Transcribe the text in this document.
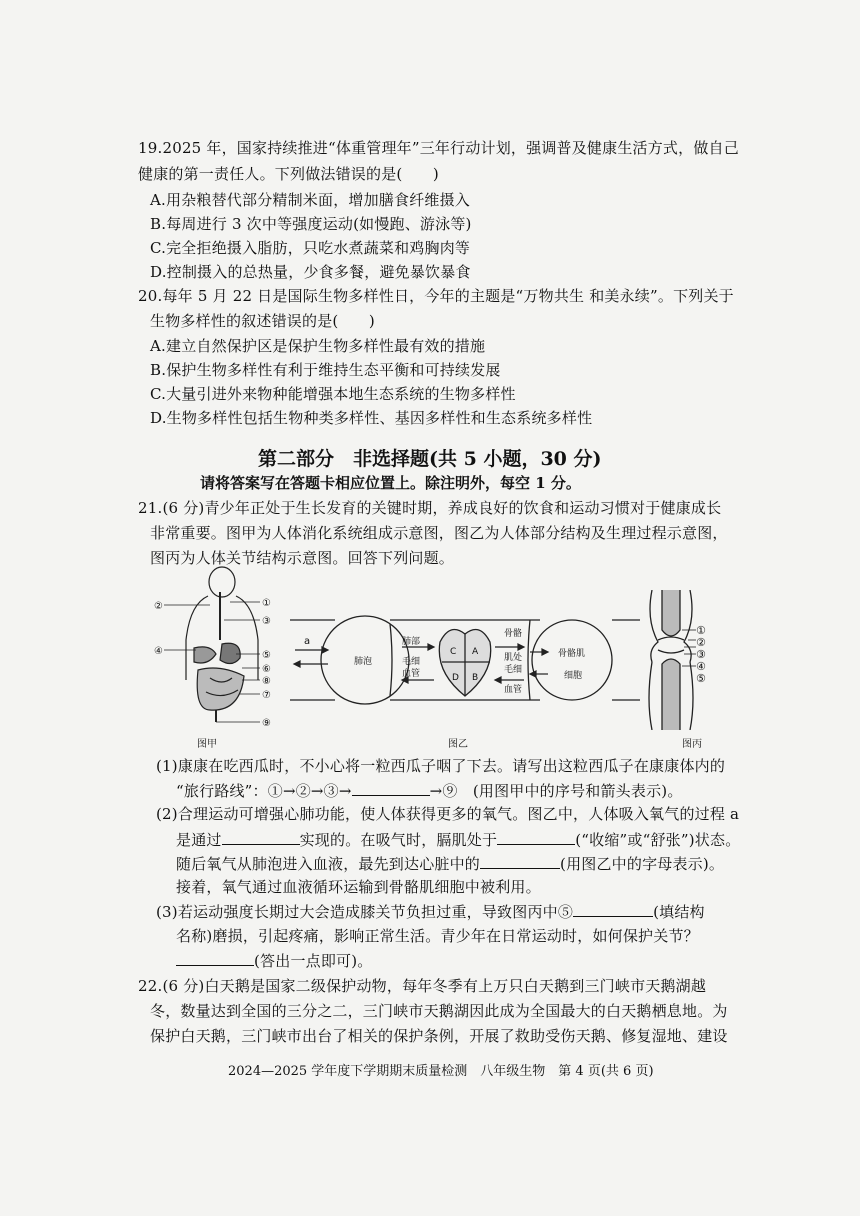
19.2025 年，国家持续推进“体重管理年”三年行动计划，强调普及健康生活方式，做自己
健康的第一责任人。下列做法错误的是(　　)
A.用杂粮替代部分精制米面，增加膳食纤维摄入
B.每周进行 3 次中等强度运动(如慢跑、游泳等)
C.完全拒绝摄入脂肪，只吃水煮蔬菜和鸡胸肉等
D.控制摄入的总热量，少食多餐，避免暴饮暴食
20.每年 5 月 22 日是国际生物多样性日，今年的主题是“万物共生 和美永续”。下列关于
生物多样性的叙述错误的是(　　)
A.建立自然保护区是保护生物多样性最有效的措施
B.保护生物多样性有利于维持生态平衡和可持续发展
C.大量引进外来物种能增强本地生态系统的生物多样性
D.生物多样性包括生物种类多样性、基因多样性和生态系统多样性
第二部分　非选择题(共 5 小题，30 分)
请将答案写在答题卡相应位置上。除注明外，每空 1 分。
21.(6 分)青少年正处于生长发育的关键时期，养成良好的饮食和运动习惯对于健康成长
非常重要。图甲为人体消化系统组成示意图，图乙为人体部分结构及生理过程示意图，
图丙为人体关节结构示意图。回答下列问题。
①
②
③
④	⑤
⑥
⑧
⑦
⑨
图甲
a
肺泡
肺部
毛细
血管
C A
D B
骨骼
肌处
毛细
血管
骨骼肌
细胞
图乙
①
②
③
④
⑤
图丙
(1)康康在吃西瓜时，不小心将一粒西瓜子咽了下去。请写出这粒西瓜子在康康体内的
“旅行路线”：①→②→③→	→⑨　(用图甲中的序号和箭头表示)。
(2)合理运动可增强心肺功能，使人体获得更多的氧气。图乙中，人体吸入氧气的过程 a
是通过	实现的。在吸气时，膈肌处于	(“收缩”或“舒张”)状态。
随后氧气从肺泡进入血液，最先到达心脏中的	(用图乙中的字母表示)。
接着，氧气通过血液循环运输到骨骼肌细胞中被利用。
(3)若运动强度长期过大会造成膝关节负担过重，导致图丙中⑤	(填结构
名称)磨损，引起疼痛，影响正常生活。青少年在日常运动时，如何保护关节？
(答出一点即可)。
22.(6 分)白天鹅是国家二级保护动物，每年冬季有上万只白天鹅到三门峡市天鹅湖越
冬，数量达到全国的三分之二，三门峡市天鹅湖因此成为全国最大的白天鹅栖息地。为
保护白天鹅，三门峡市出台了相关的保护条例，开展了救助受伤天鹅、修复湿地、建设
2024—2025 学年度下学期期末质量检测　八年级生物　第 4 页(共 6 页)
